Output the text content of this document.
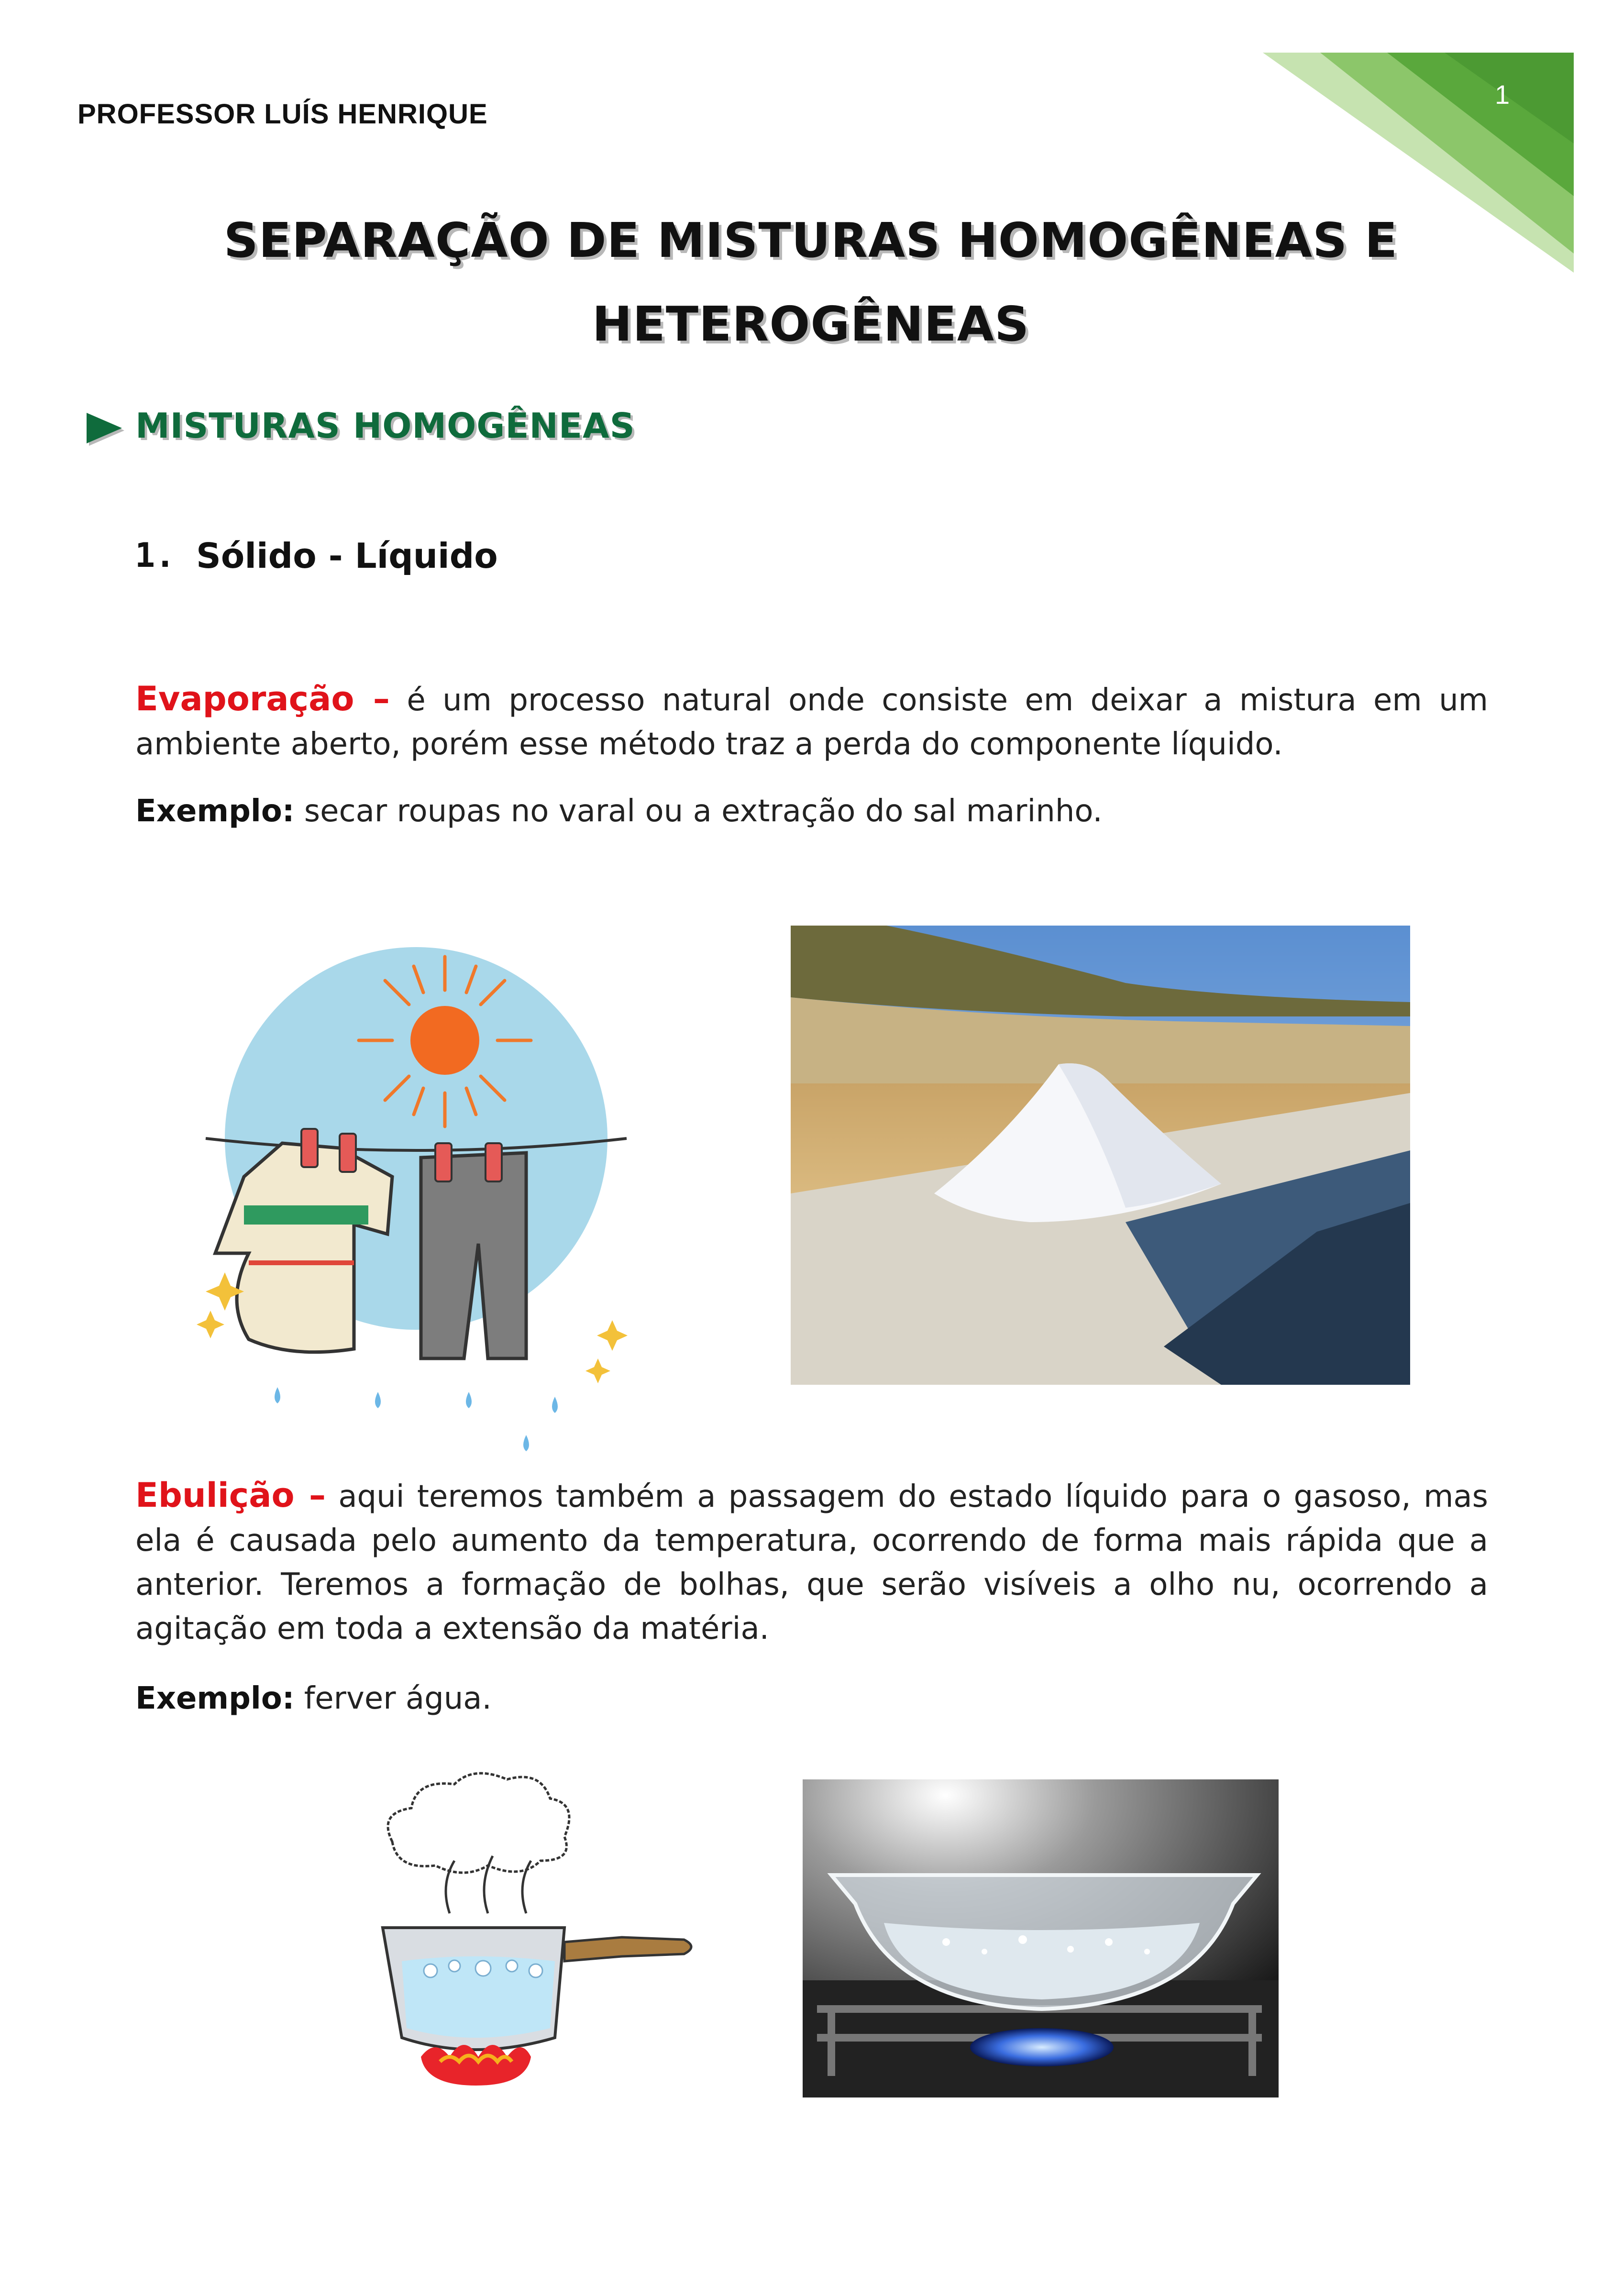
1
PROFESSOR LUÍS HENRIQUE
SEPARAÇÃO DE MISTURAS HOMOGÊNEAS E
HETEROGÊNEAS
MISTURAS HOMOGÊNEAS
1. Sólido - Líquido
Evaporação – é um processo natural onde consiste em deixar a mistura em um ambiente aberto, porém esse método traz a perda do componente líquido.
Exemplo: secar roupas no varal ou a extração do sal marinho.
Ebulição – aqui teremos também a passagem do estado líquido para o gasoso, mas ela é causada pelo aumento da temperatura, ocorrendo de forma mais rápida que a anterior. Teremos a formação de bolhas, que serão visíveis a olho nu, ocorrendo a agitação em toda a extensão da matéria.
Exemplo: ferver água.
